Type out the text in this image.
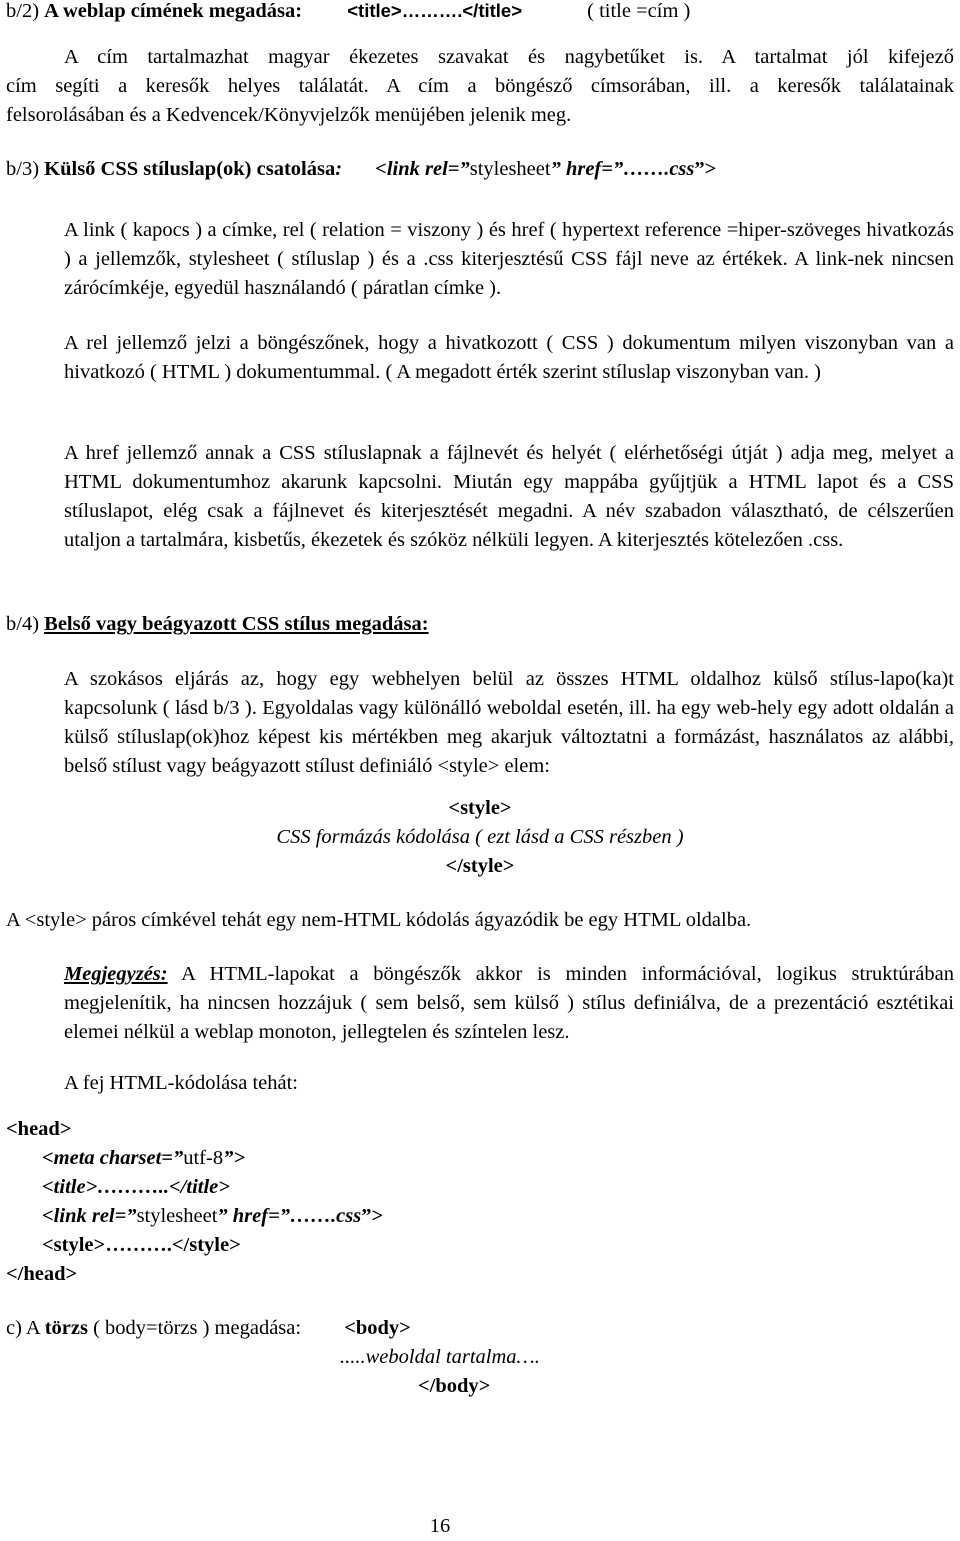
b/2) A weblap címének megadása: <title>……….</title>	( title =cím )
A cím tartalmazhat magyar ékezetes szavakat és nagybetűket is. A tartalmat jól kifejező
cím segíti a keresők helyes találatát. A cím a böngésző címsorában, ill. a keresők találatainak
felsorolásában és a Kedvencek/Könyvjelzők menüjében jelenik meg.
b/3) Külső CSS stíluslap(ok) csatolása: <link rel=”stylesheet” href=”…….css”>
A link ( kapocs ) a címke, rel ( relation = viszony ) és href ( hypertext reference =hiper-szöveges hivatkozás ) a jellemzők, stylesheet ( stíluslap ) és a .css kiterjesztésű CSS fájl neve az értékek. A link-nek nincsen zárócímkéje, egyedül használandó ( páratlan címke ).
A rel jellemző jelzi a böngészőnek, hogy a hivatkozott ( CSS ) dokumentum milyen viszonyban van a hivatkozó ( HTML ) dokumentummal. ( A megadott érték szerint stíluslap viszonyban van. )
A href jellemző annak a CSS stíluslapnak a fájlnevét és helyét ( elérhetőségi útját ) adja meg, melyet a HTML dokumentumhoz akarunk kapcsolni. Miután egy mappába gyűjtjük a HTML lapot és a CSS stíluslapot, elég csak a fájlnevet és kiterjesztését megadni. A név szabadon választható, de célszerűen utaljon a tartalmára, kisbetűs, ékezetek és szóköz nélküli legyen. A kiterjesztés kötelezően .css.
b/4) Belső vagy beágyazott CSS stílus megadása:
A szokásos eljárás az, hogy egy webhelyen belül az összes HTML oldalhoz külső stílus-lapo(ka)t kapcsolunk ( lásd b/3 ). Egyoldalas vagy különálló weboldal esetén, ill. ha egy web-hely egy adott oldalán a külső stíluslap(ok)hoz képest kis mértékben meg akarjuk változtatni a formázást, használatos az alábbi, belső stílust vagy beágyazott stílust definiáló <style> elem:
<style>
CSS formázás kódolása ( ezt lásd a CSS részben )
</style>
A <style> páros címkével tehát egy nem-HTML kódolás ágyazódik be egy HTML oldalba.
Megjegyzés: A HTML-lapokat a böngészők akkor is minden információval, logikus struktúrában megjelenítik, ha nincsen hozzájuk ( sem belső, sem külső ) stílus definiálva, de a prezentáció esztétikai elemei nélkül a weblap monoton, jellegtelen és színtelen lesz.
A fej HTML-kódolása tehát:
<head>
<meta charset=”utf-8”>
<title>………..</title>
<link rel=”stylesheet” href=”…….css”>
<style>……….</style>
</head>
c) A törzs ( body=törzs ) megadása: <body>
.....weboldal tartalma….
</body>
16
